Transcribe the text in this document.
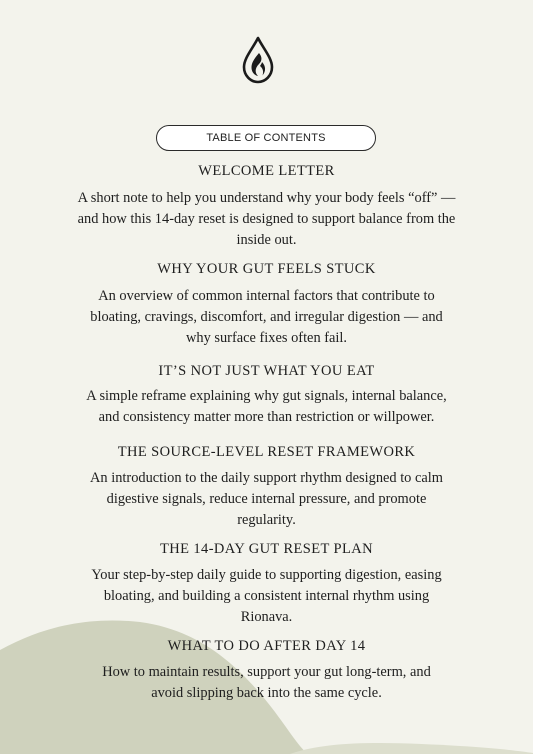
TABLE OF CONTENTS
WELCOME LETTER
A short note to help you understand why your body feels “off” — and how this 14-day reset is designed to support balance from the inside out.
WHY YOUR GUT FEELS STUCK
An overview of common internal factors that contribute to bloating, cravings, discomfort, and irregular digestion — and why surface fixes often fail.
IT’S NOT JUST WHAT YOU EAT
A simple reframe explaining why gut signals, internal balance, and consistency matter more than restriction or willpower.
THE SOURCE-LEVEL RESET FRAMEWORK
An introduction to the daily support rhythm designed to calm digestive signals, reduce internal pressure, and promote regularity.
THE 14-DAY GUT RESET PLAN
Your step-by-step daily guide to supporting digestion, easing bloating, and building a consistent internal rhythm using Rionava.
WHAT TO DO AFTER DAY 14
How to maintain results, support your gut long-term, and avoid slipping back into the same cycle.
